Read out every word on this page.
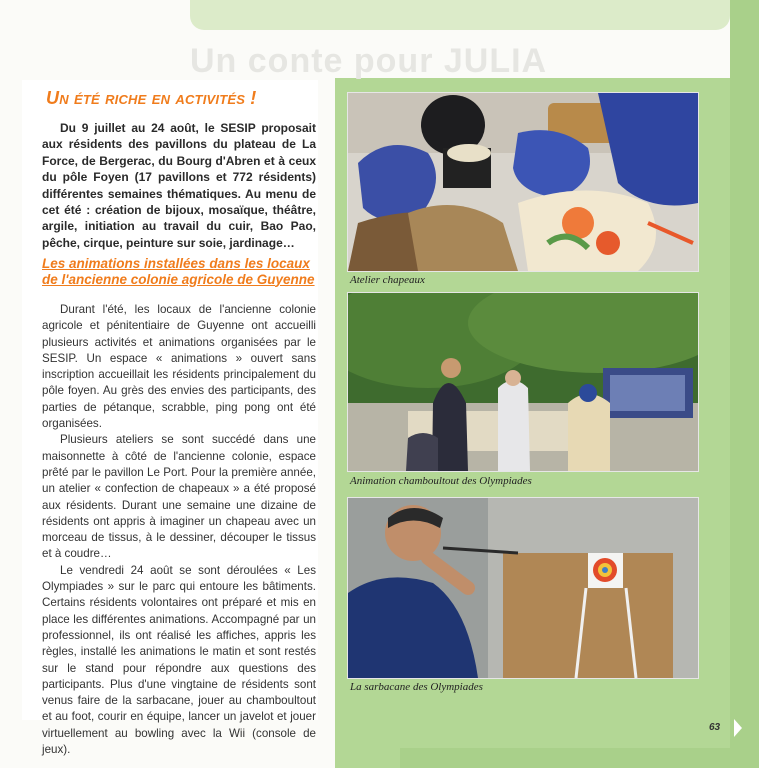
Un conte pour JULIA
Un été riche en activités !

Du 9 juillet au 24 août, le SESIP proposait aux résidents des pavillons du plateau de La Force, de Bergerac, du Bourg d'Abren et à ceux du pôle Foyen (17 pavillons et 772 résidents) différentes semaines thématiques. Au menu de cet été : création de bijoux, mosaïque, théâtre, argile, initiation au travail du cuir, Bao Pao, pêche, cirque, peinture sur soie, jardinage…

Les animations installées dans les locaux de l'ancienne colonie agricole de Guyenne

Durant l'été, les locaux de l'ancienne colonie agricole et pénitentiaire de Guyenne ont accueilli plusieurs activités et animations organisées par le SESIP. Un espace « animations » ouvert sans inscription accueillait les résidents principalement du pôle foyen. Au grès des envies des participants, des parties de pétanque, scrabble, ping pong ont été organisées.

Plusieurs ateliers se sont succédé dans une maisonnette à côté de l'ancienne colonie, espace prêté par le pavillon Le Port. Pour la première année, un atelier « confection de chapeaux » a été proposé aux résidents. Durant une semaine une dizaine de résidents ont appris à imaginer un chapeau avec un morceau de tissus, à le dessiner, découper le tissus et à coudre…

Le vendredi 24 août se sont déroulées « Les Olympiades » sur le parc qui entoure les bâtiments. Certains résidents volontaires ont préparé et mis en place les différentes animations. Accompagné par un professionnel, ils ont réalisé les affiches, appris les règles, installé les animations le matin et sont restés sur le stand pour répondre aux questions des participants. Plus d'une vingtaine de résidents sont venus faire de la sarbacane, jouer au chamboultout et au foot, courir en équipe, lancer un javelot et jouer virtuellement au bowling avec la Wii (console de jeux).

Atelier chapeaux
Animation chamboultout des Olympiades
La sarbacane des Olympiades
63
